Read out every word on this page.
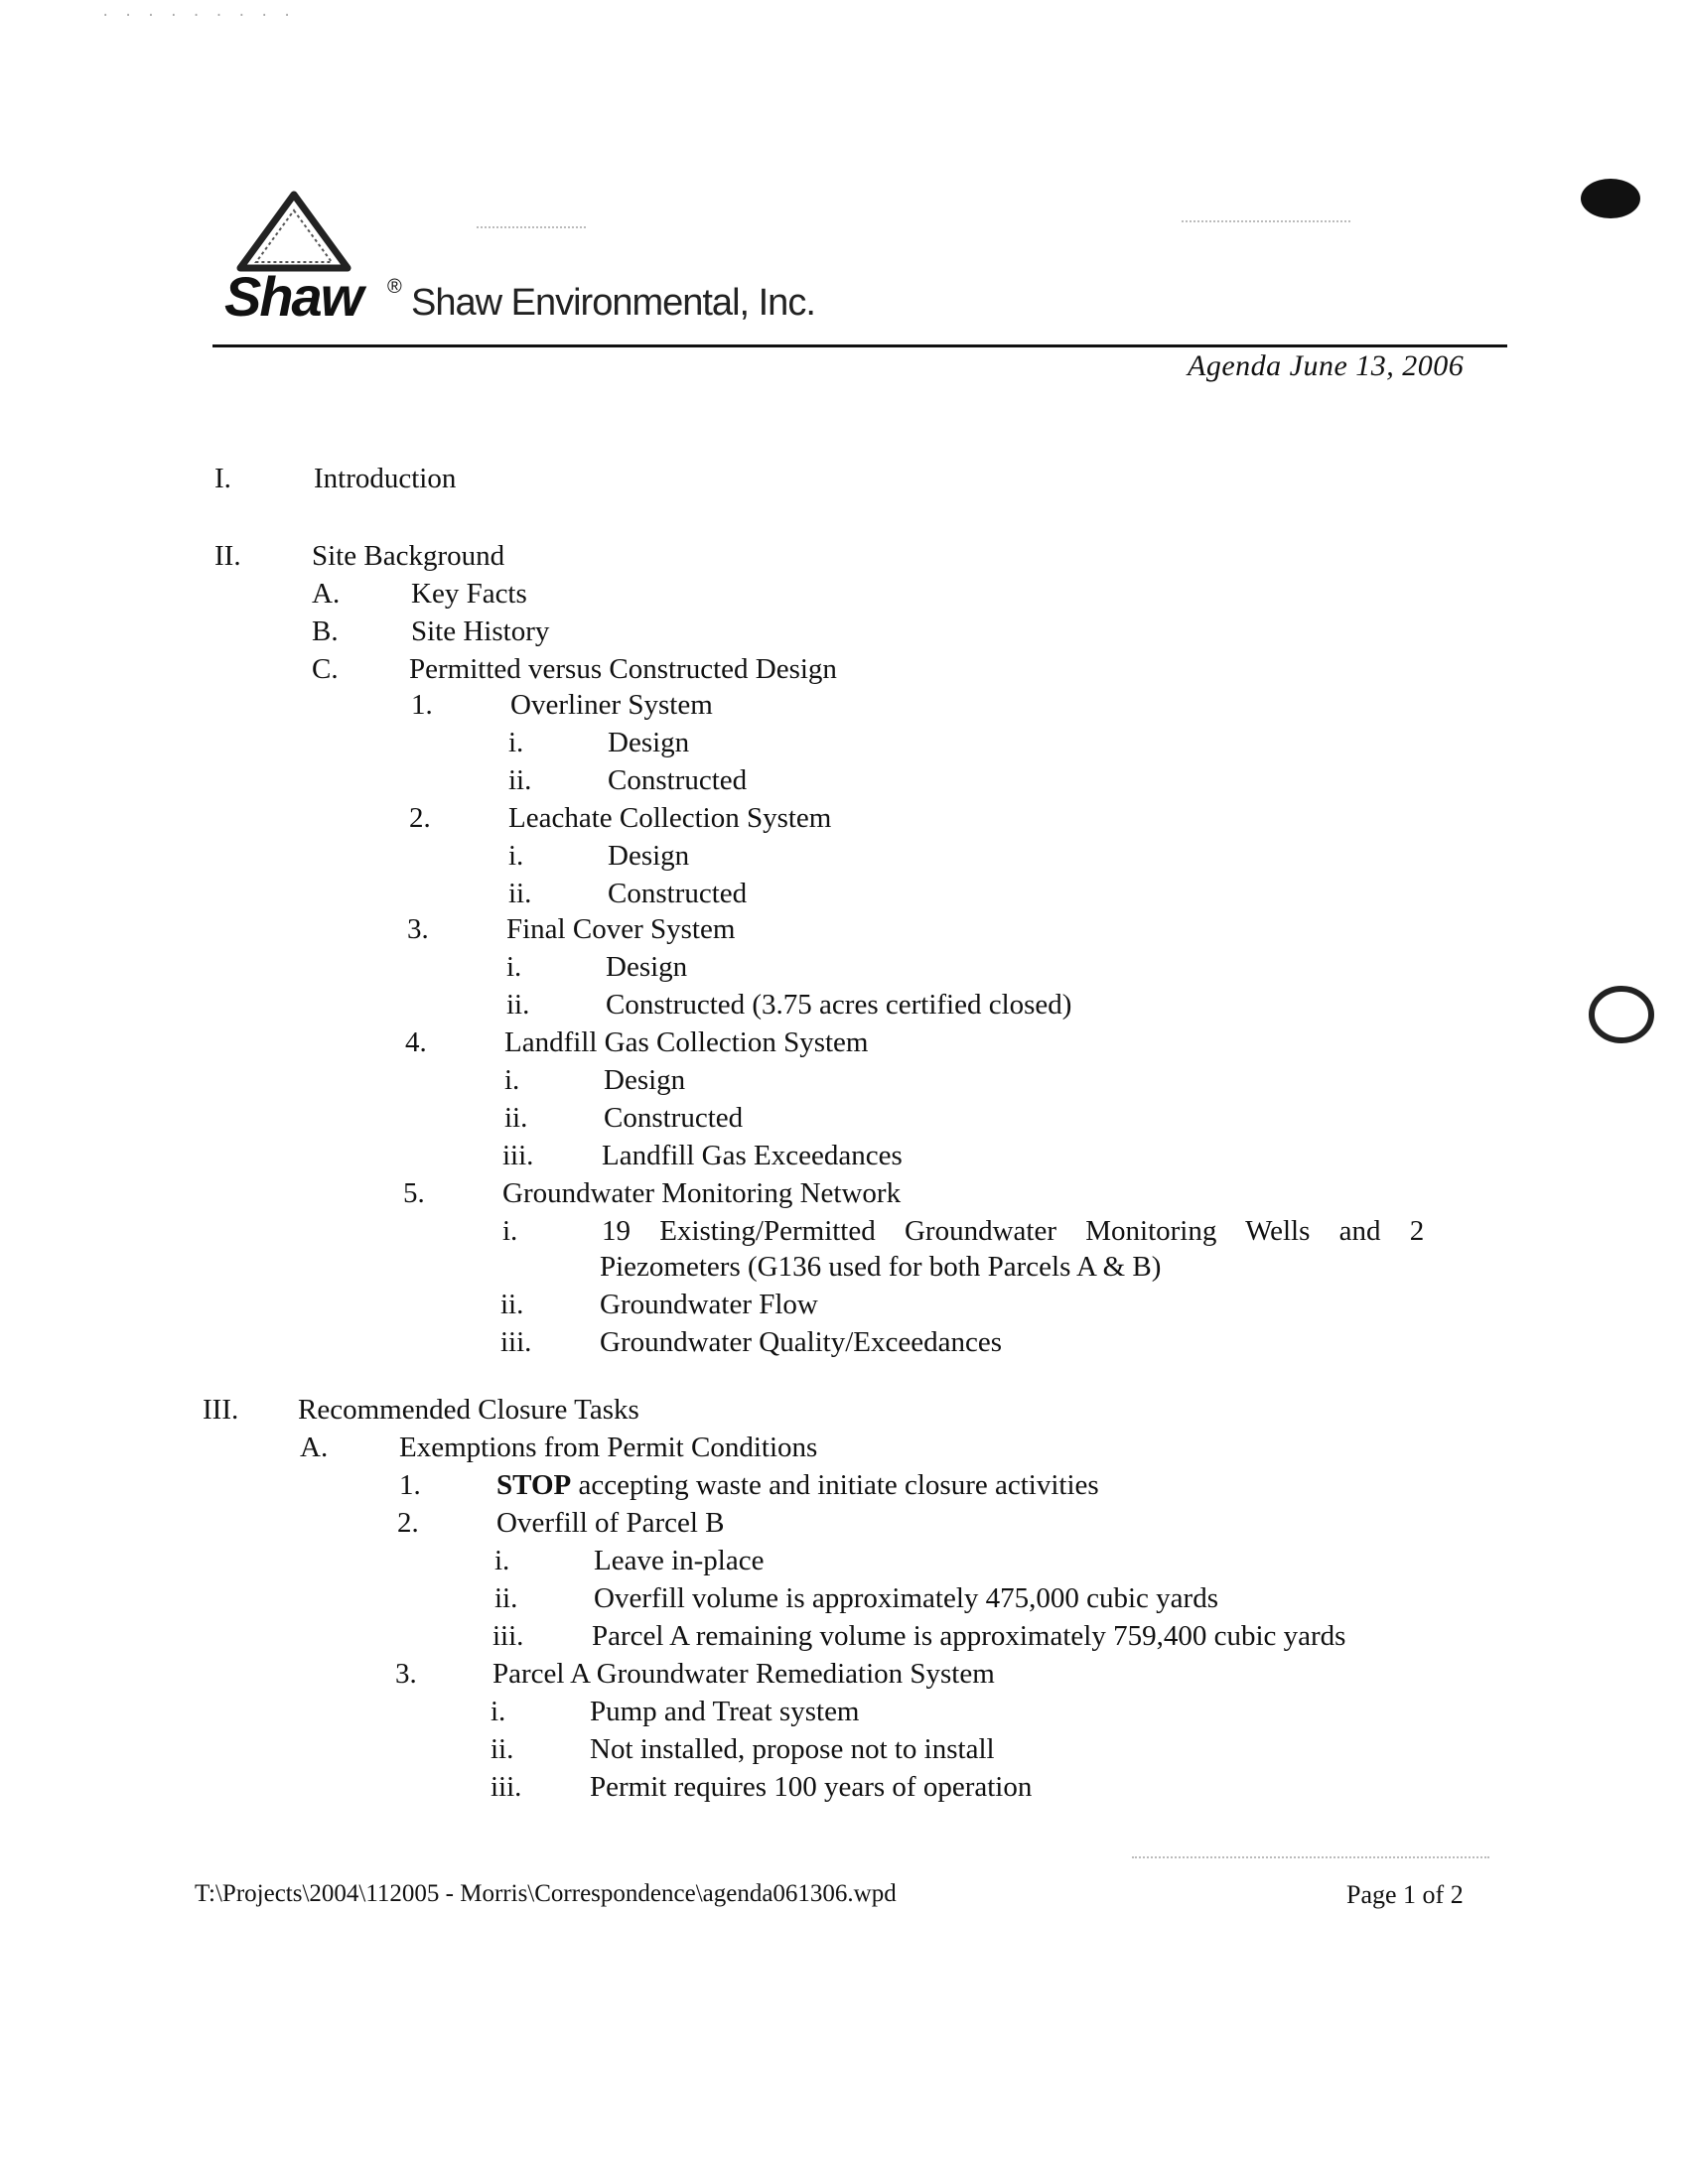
· · · · · · · · ·
Shaw ® Shaw Environmental, Inc.
Agenda June 13, 2006
I.	Introduction
II. Site Background
A. Key Facts
B.	Site History
C. Permitted versus Constructed Design
1.	Overliner System
i.	Design
ii.	Constructed
2.	Leachate Collection System
i.	Design
ii.	Constructed
3.	Final Cover System
i.	Design
ii.	Constructed (3.75 acres certified closed)
4.	Landfill Gas Collection System
i.	Design
ii.	Constructed
iii. Landfill Gas Exceedances
5.	Groundwater Monitoring Network
i.	19 Existing/Permitted Groundwater Monitoring Wells and 2
Piezometers (G136 used for both Parcels A & B)
ii.	Groundwater Flow
iii. Groundwater Quality/Exceedances
III. Recommended Closure Tasks
A. Exemptions from Permit Conditions
1.	STOP accepting waste and initiate closure activities
2.	Overfill of Parcel B
i.	Leave in-place
ii.	Overfill volume is approximately 475,000 cubic yards
iii. Parcel A remaining volume is approximately 759,400 cubic yards
3.	Parcel A Groundwater Remediation System
i.	Pump and Treat system
ii.	Not installed, propose not to install
iii. Permit requires 100 years of operation
T:\Projects\2004\112005 - Morris\Correspondence\agenda061306.wpd	Page 1 of 2
